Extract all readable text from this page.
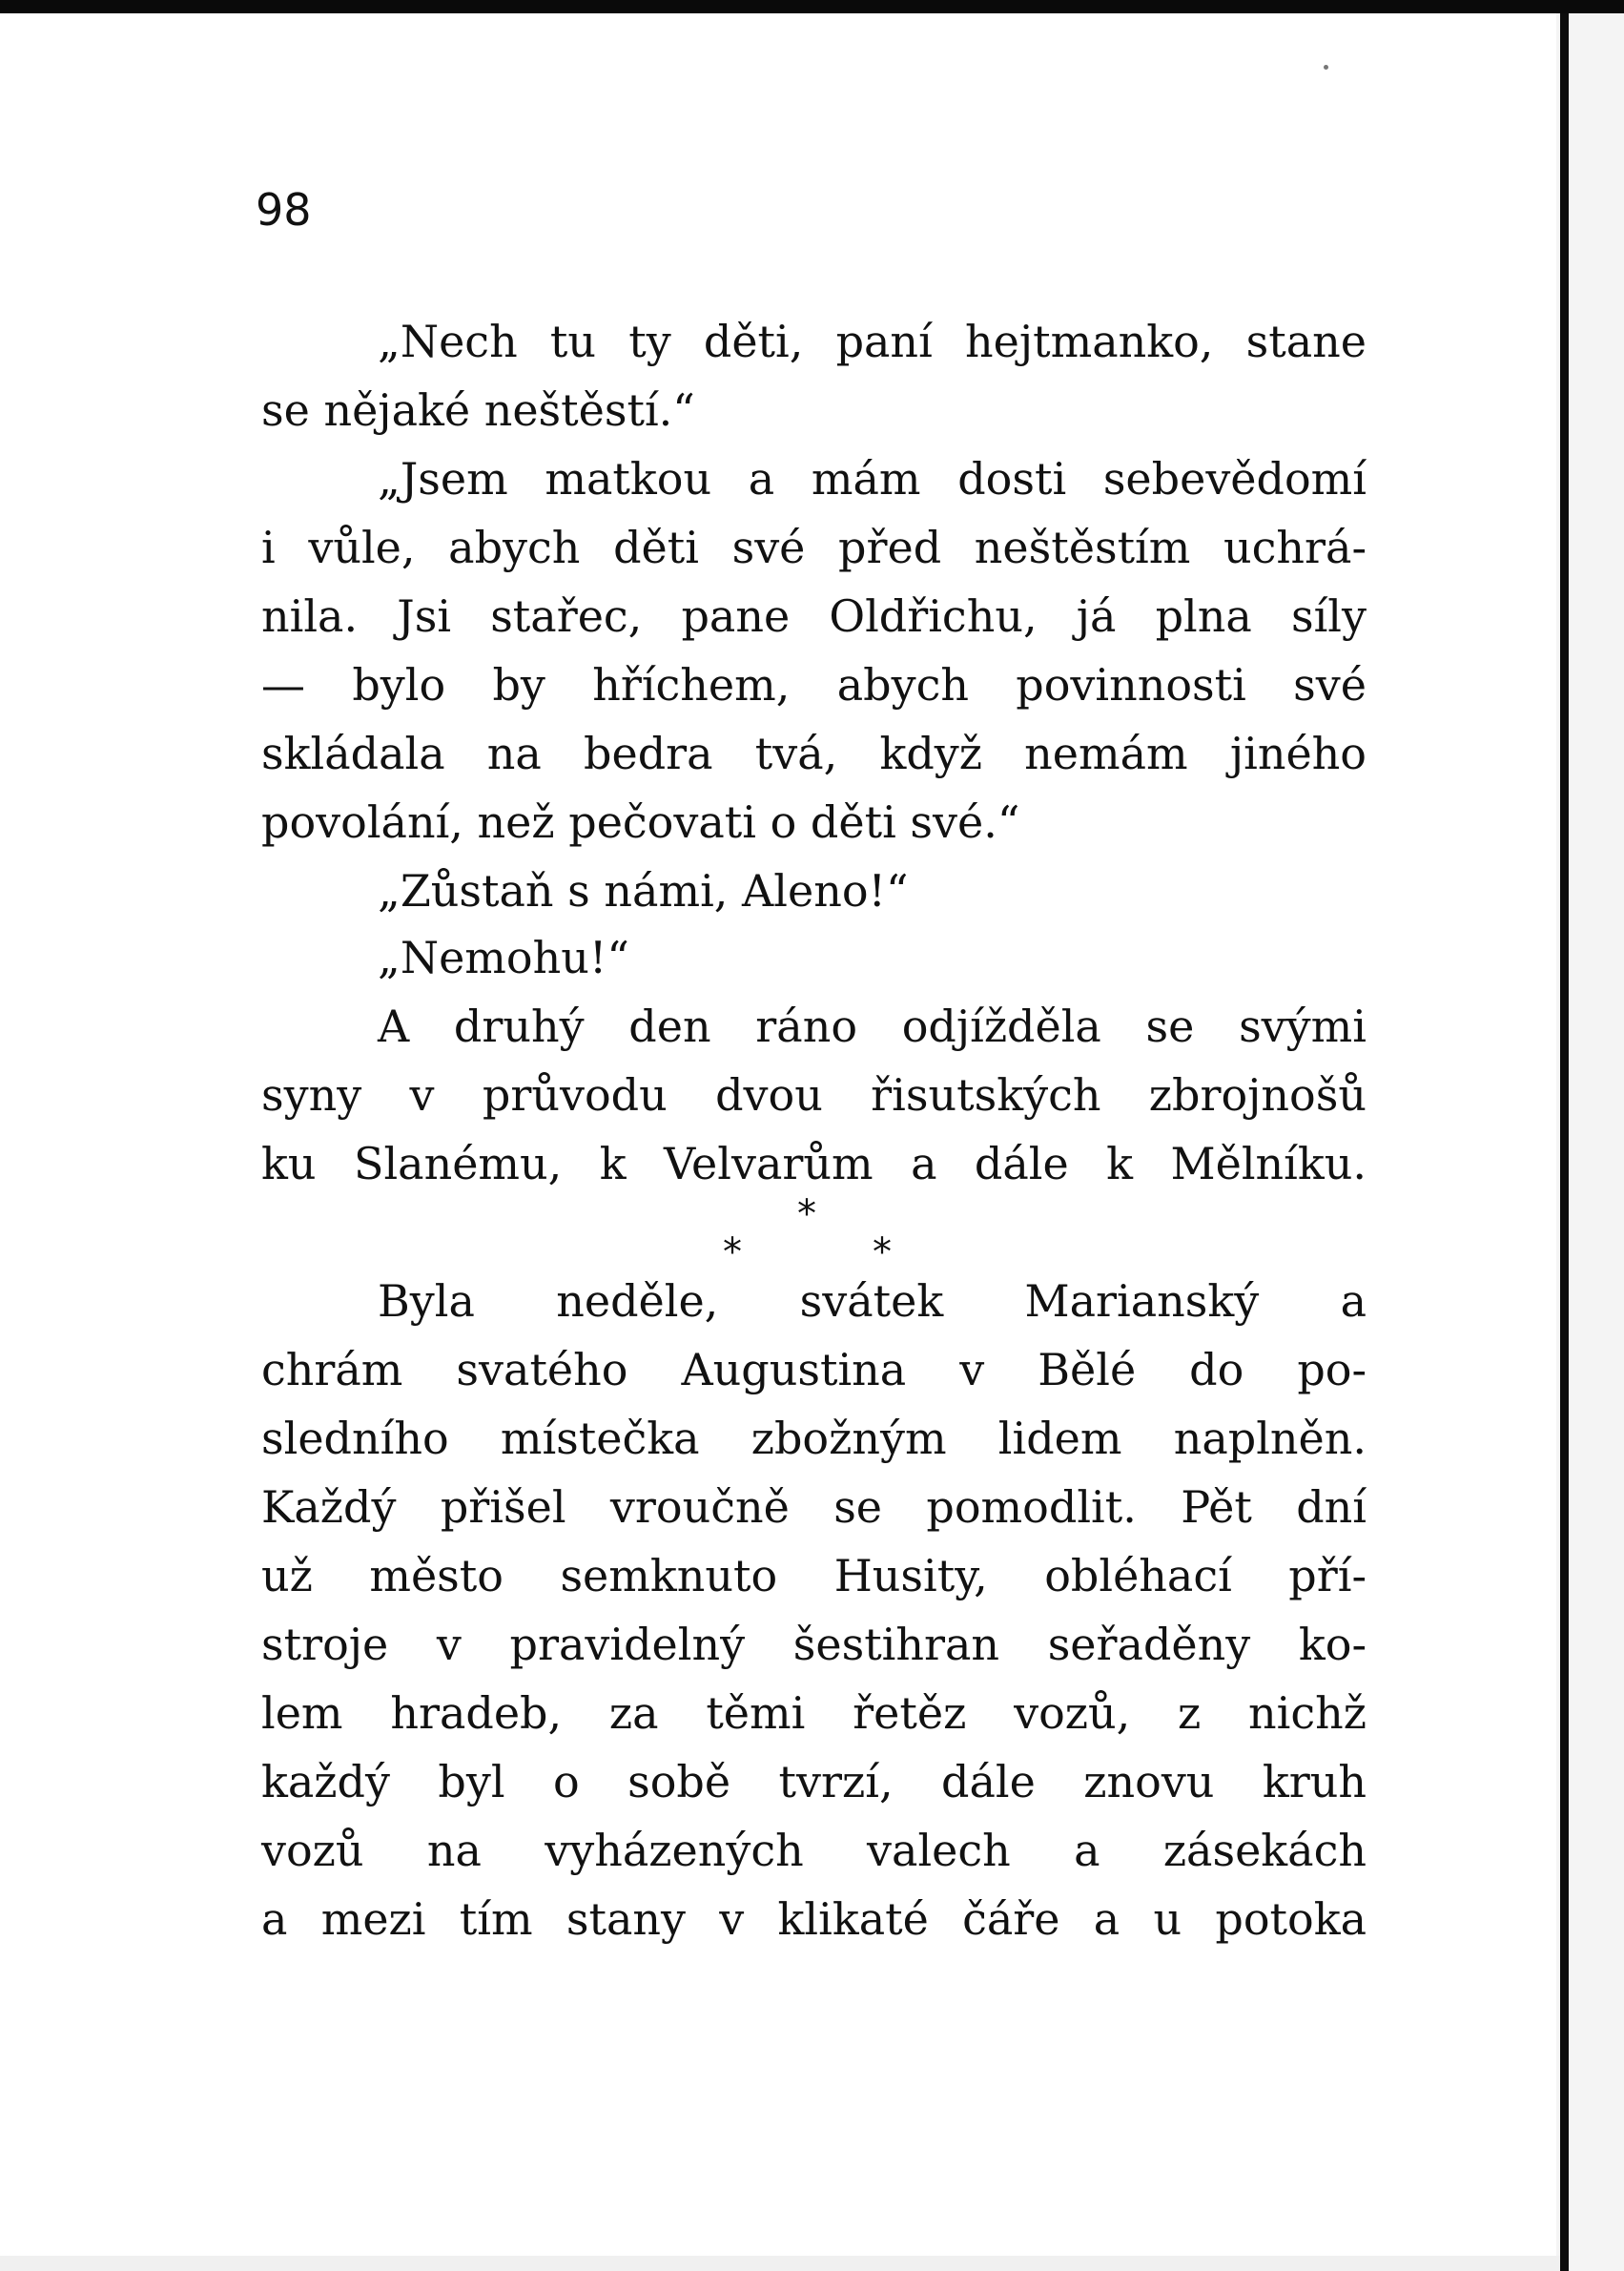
98
„Nech tu ty děti, paní hejtmanko, stane
se nějaké neštěstí.“
„Jsem matkou a mám dosti sebevědomí
i vůle, abych děti své před neštěstím uchrá-
nila. Jsi stařec, pane Oldřichu, já plna síly
— bylo by hříchem, abych povinnosti své
skládala na bedra tvá, když nemám jiného
povolání, než pečovati o děti své.“
„Zůstaň s námi, Aleno!“
„Nemohu!“
A druhý den ráno odjížděla se svými
syny v průvodu dvou řisutských zbrojnošů
ku Slanému, k Velvarům a dále k Mělníku.
*
*	*
Byla neděle, svátek Marianský a
chrám svatého Augustina v Bělé do po-
sledního místečka zbožným lidem naplněn.
Každý přišel vroučně se pomodlit. Pět dní
už město semknuto Husity, obléhací pří-
stroje v pravidelný šestihran seřaděny ko-
lem hradeb, za těmi řetěz vozů, z nichž
každý byl o sobě tvrzí, dále znovu kruh
vozů na vyházených valech a zásekách
a mezi tím stany v klikaté čáře a u potoka
